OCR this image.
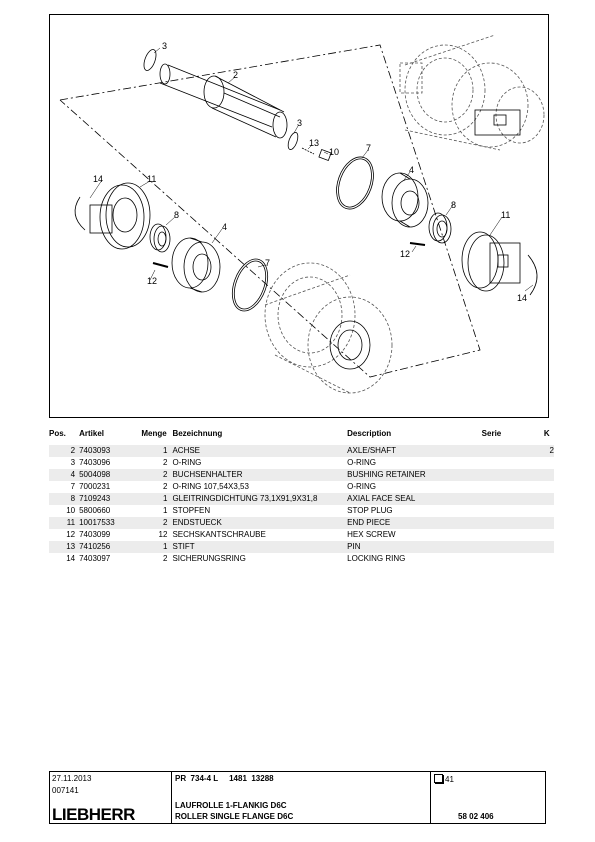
3
2
3
13
10	7
14	11
8
4
12
7
4
8
11
12
14
Pos.	Artikel	Menge	Bezeichnung	Description	Serie	K
2	7403093	1	ACHSE	AXLE/SHAFT		2
3	7403096	2	O-RING	O-RING		
4	5004098	2	BUCHSENHALTER	BUSHING RETAINER		
7	7000231	2	O-RING 107,54X3,53	O-RING		
8	7109243	1	GLEITRINGDICHTUNG 73,1X91,9X31,8	AXIAL FACE SEAL		
10	5800660	1	STOPFEN	STOP PLUG		
11	10017533	2	ENDSTUECK	END PIECE		
12	7403099	12	SECHSKANTSCHRAUBE	HEX SCREW		
13	7410256	1	STIFT	PIN		
14	7403097	2	SICHERUNGSRING	LOCKING RING		
27.11.2013
007141
LIEBHERR
PR  734-4 L     1481  13288
LAUFROLLE 1-FLANKIG D6C
ROLLER SINGLE FLANGE D6C
41
58 02 406
